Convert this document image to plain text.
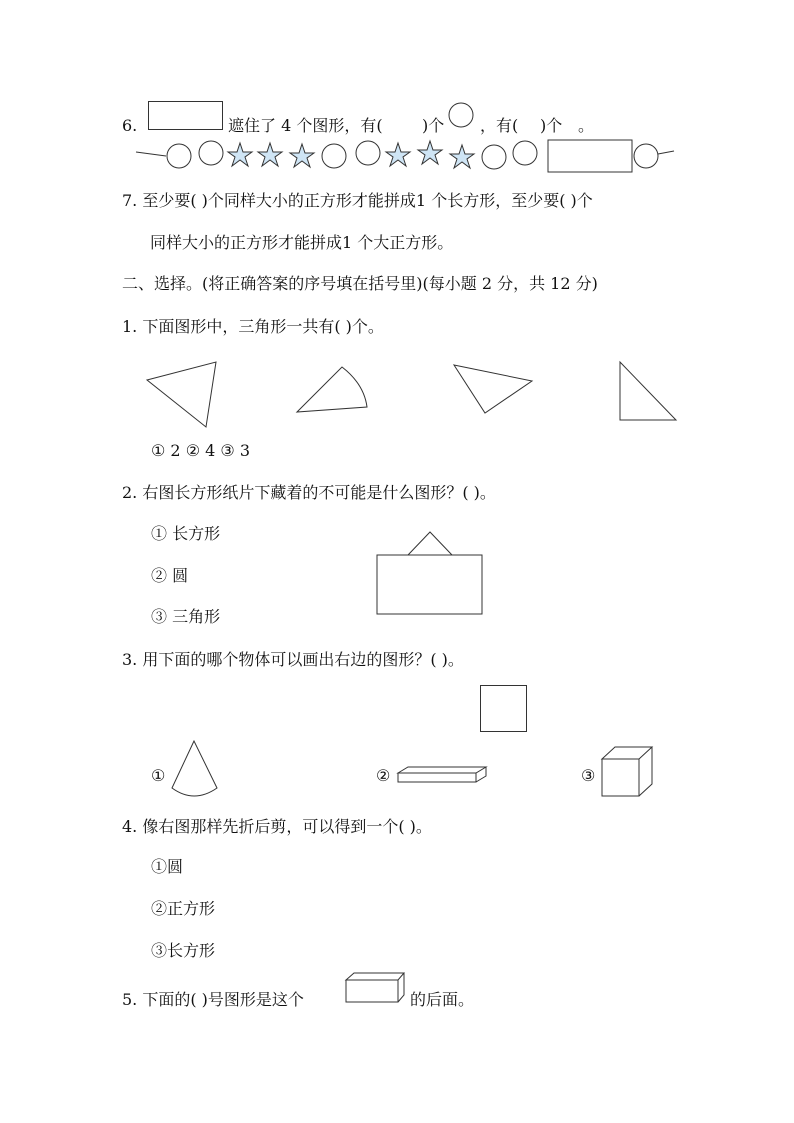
6.	遮住了 4 个图形，有( )个 ，有( )个 。
7. 至少要( )个同样大小的正方形才能拼成1 个长方形，至少要( )个
同样大小的正方形才能拼成1 个大正方形。
二、选择。(将正确答案的序号填在括号里)(每小题 2 分，共 12 分)
1. 下面图形中，三角形一共有( )个。
① 2 ② 4 ③ 3
2. 右图长方形纸片下藏着的不可能是什么图形？( )。
① 长方形
② 圆
③ 三角形
3. 用下面的哪个物体可以画出右边的图形？( )。
①	②	③
4. 像右图那样先折后剪，可以得到一个( )。
①圆
②正方形
③长方形
5. 下面的( )号图形是这个	的后面。
